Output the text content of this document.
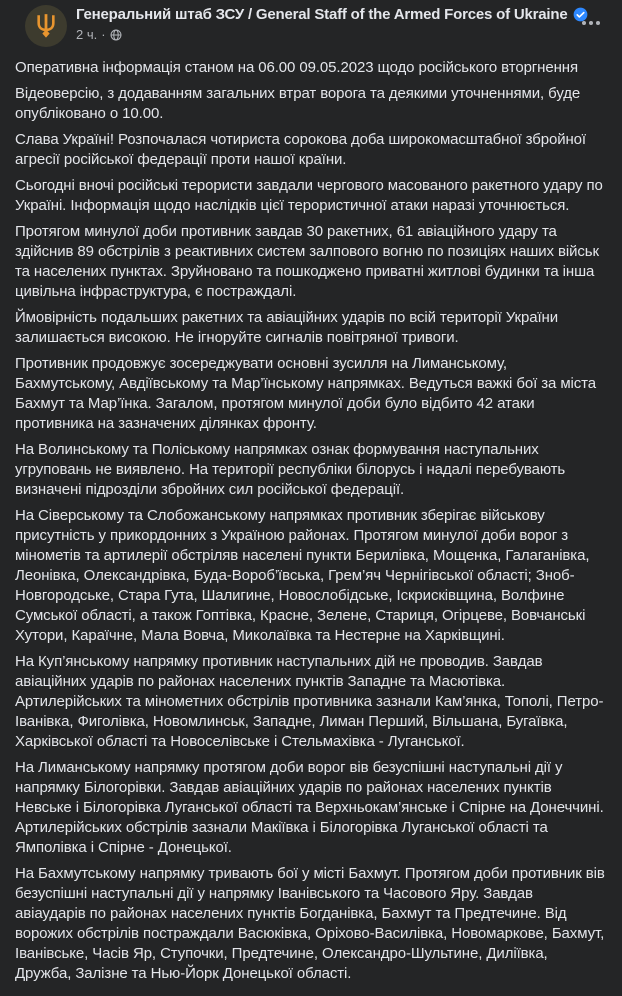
Генеральний штаб ЗСУ / General Staff of the Armed Forces of Ukraine
2 ч. ·
Оперативна інформація станом на 06.00 09.05.2023 щодо російського вторгнення
Відеоверсію, з додаванням загальних втрат ворога та деякими уточненнями, буде опубліковано о 10.00.
Слава Україні! Розпочалася чотириста сорокова доба широкомасштабної збройної агресії російської федерації проти нашої країни.
Сьогодні вночі російські терористи завдали чергового масованого ракетного удару по Україні. Інформація щодо наслідків цієї терористичної атаки наразі уточнюється.
Протягом минулої доби противник завдав 30 ракетних, 61 авіаційного удару та здійснив 89 обстрілів з реактивних систем залпового вогню по позиціях наших військ та населених пунктах. Зруйновано та пошкоджено приватні житлові будинки та інша цивільна інфраструктура, є постраждалі.
Ймовірність подальших ракетних та авіаційних ударів по всій території України залишається високою. Не ігноруйте сигналів повітряної тривоги.
Противник продовжує зосереджувати основні зусилля на Лиманському, Бахмутському, Авдіївському та Мар’їнському напрямках. Ведуться важкі бої за міста Бахмут та Мар’їнка. Загалом, протягом минулої доби було відбито 42 атаки противника на зазначених ділянках фронту.
На Волинському та Поліському напрямках ознак формування наступальних угруповань не виявлено. На території республіки білорусь і надалі перебувають визначені підрозділи збройних сил російської федерації.
На Сіверському та Слобожанському напрямках противник зберігає військову присутність у прикордонних з Україною районах. Протягом минулої доби ворог з мінометів та артилерії обстріляв населені пункти Берилівка, Мощенка, Галаганівка, Леонівка, Олександрівка, Буда-Вороб’ївська, Грем’яч Чернігівської області; Зноб-Новгородське, Стара Гута, Шалигине, Новослобідське, Іскрисківщина, Волфине Сумської області, а також Гоптівка, Красне, Зелене, Стариця, Огірцеве, Вовчанські Хутори, Караїчне, Мала Вовча, Миколаївка та Нестерне на Харківщині.
На Куп’янському напрямку противник наступальних дій не проводив. Завдав авіаційних ударів по районах населених пунктів Западне та Масютівка. Артилерійських та мінометних обстрілів противника зазнали Кам’янка, Тополі, Петро-Іванівка, Фиголівка, Новомлинськ, Западне, Лиман Перший, Вільшана, Бугаївка, Харківської області та Новоселівське і Стельмахівка - Луганської.
На Лиманському напрямку протягом доби ворог вів безуспішні наступальні дії у напрямку Білогорівки. Завдав авіаційних ударів по районах населених пунктів Невське і Білогорівка Луганської області та Верхньокам’янське і Спірне на Донеччині. Артилерійських обстрілів зазнали Макіївка і Білогорівка Луганської області та Ямполівка і Спірне - Донецької.
На Бахмутському напрямку тривають бої у місті Бахмут. Протягом доби противник вів безуспішні наступальні дії у напрямку Іванівського та Часового Яру. Завдав авіаударів по районах населених пунктів Богданівка, Бахмут та Предтечине. Від ворожих обстрілів постраждали Васюківка, Оріхово-Василівка, Новомаркове, Бахмут, Іванівське, Часів Яр, Ступочки, Предтечине, Олександро-Шультине, Диліївка, Дружба, Залізне та Нью-Йорк Донецької області.
